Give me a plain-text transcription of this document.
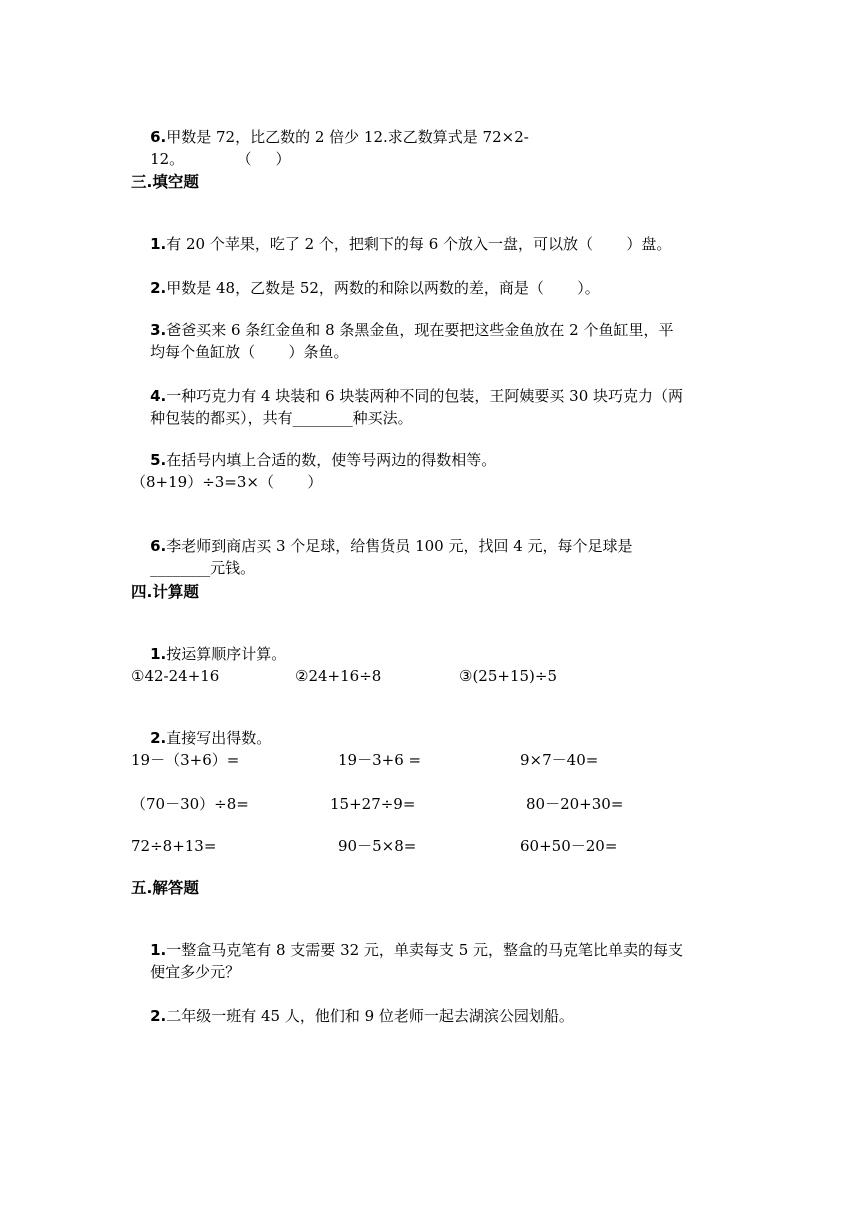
6.甲数是 72，比乙数的 2 倍少 12.求乙数算式是 72×2-

12。           （     ）

三.填空题

1.有 20 个苹果，吃了 2 个，把剩下的每 6 个放入一盘，可以放（       ）盘。

2.甲数是 48，乙数是 52，两数的和除以两数的差，商是（       ）。

3.爸爸买来 6 条红金鱼和 8 条黑金鱼，现在要把这些金鱼放在 2 个鱼缸里，平

均每个鱼缸放（       ）条鱼。

4.一种巧克力有 4 块装和 6 块装两种不同的包装，王阿姨要买 30 块巧克力（两

种包装的都买），共有________种买法。

5.在括号内填上合适的数，使等号两边的得数相等。

（8+19）÷3=3×（       ）

6.李老师到商店买 3 个足球，给售货员 100 元，找回 4 元，每个足球是

________元钱。

四.计算题

1.按运算顺序计算。

①42-24+16	②24+16÷8	③(25+15)÷5

2.直接写出得数。

19－（3+6）=	19－3+6 =	9×7－40=
（70－30）÷8=	15+27÷9=	80－20+30=
72÷8+13=	90－5×8=	60+50－20=
五.解答题

1.一整盒马克笔有 8 支需要 32 元，单卖每支 5 元，整盒的马克笔比单卖的每支

便宜多少元？

2.二年级一班有 45 人，他们和 9 位老师一起去湖滨公园划船。
